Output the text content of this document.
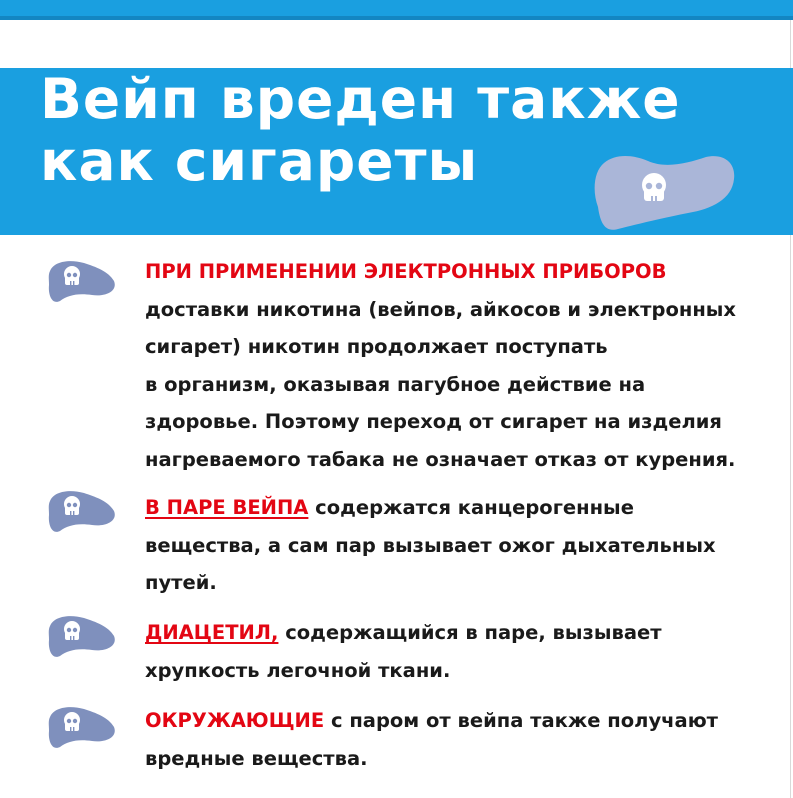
Вейп вреден также
как сигареты

ПРИ ПРИМЕНЕНИИ ЭЛЕКТРОННЫХ ПРИБОРОВ
доставки никотина (вейпов, айкосов и электронных
сигарет) никотин продолжает поступать
в организм, оказывая пагубное действие на
здоровье. Поэтому переход от сигарет на изделия
нагреваемого табака не означает отказ от курения.

В ПАРЕ ВЕЙПА содержатся канцерогенные
вещества, а сам пар вызывает ожог дыхательных
путей.

ДИАЦЕТИЛ, содержащийся в паре, вызывает
хрупкость легочной ткани.

ОКРУЖАЮЩИЕ с паром от вейпа также получают
вредные вещества.
